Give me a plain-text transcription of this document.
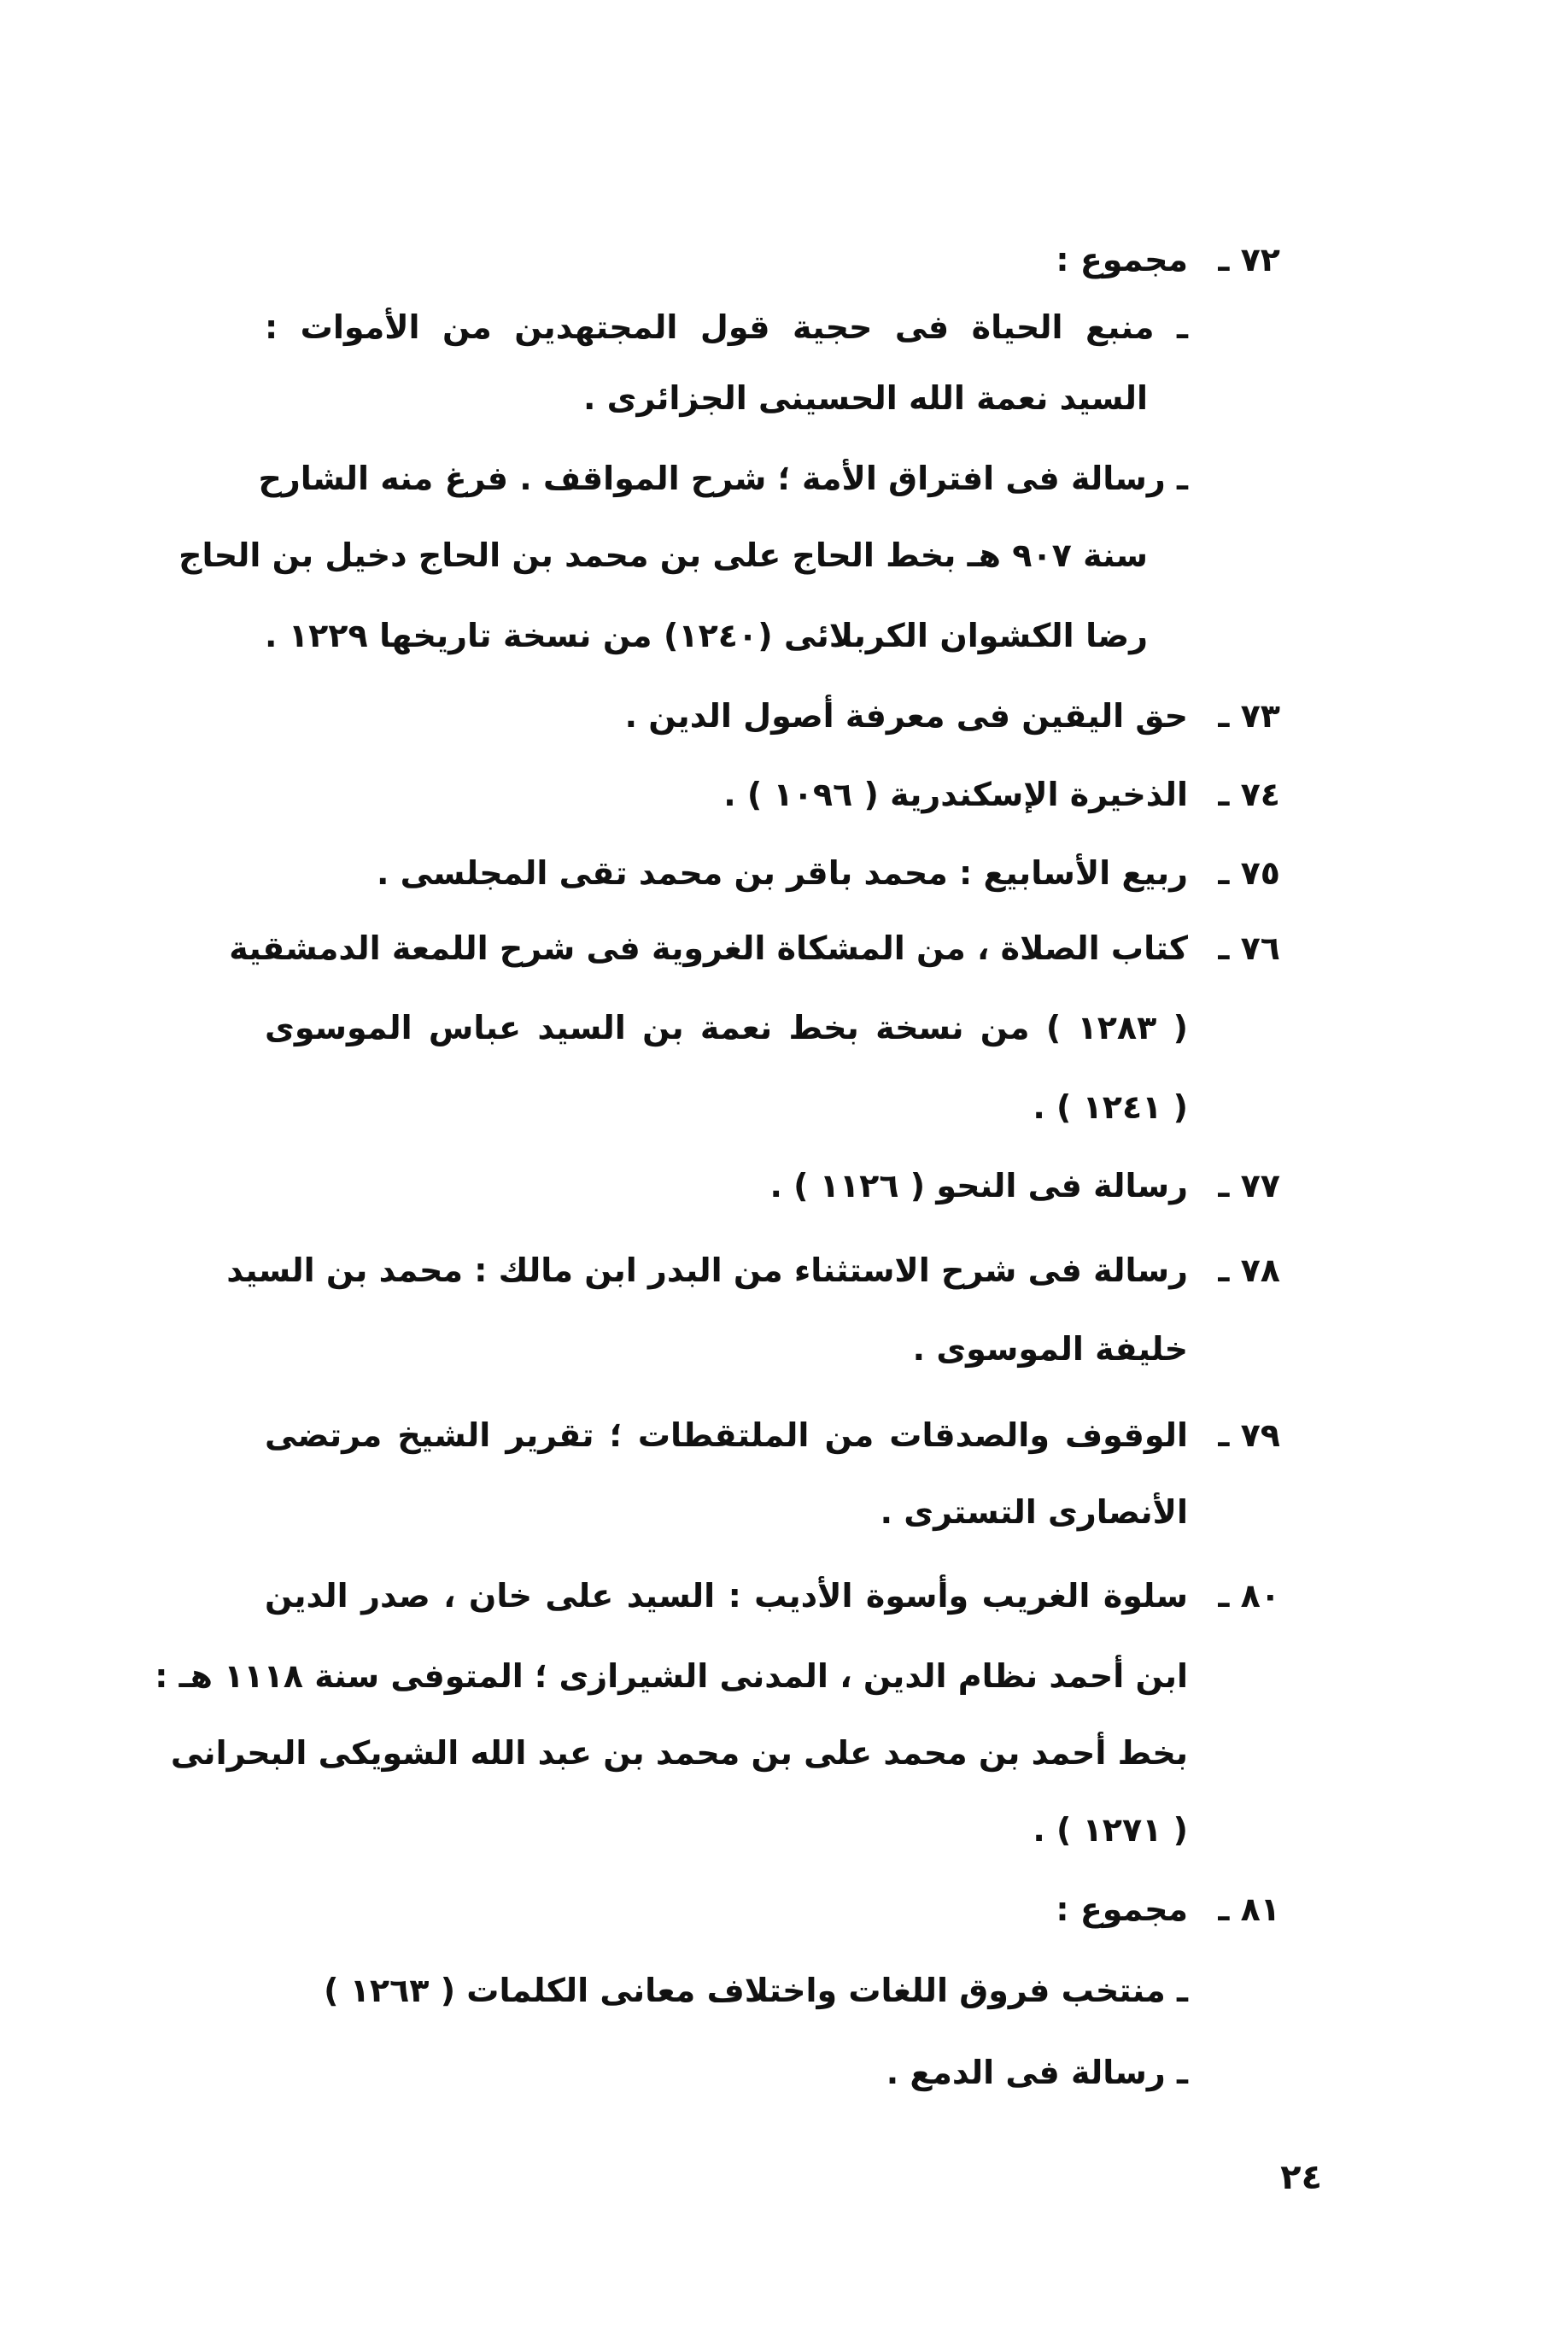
٧٢ ـ
مجموع :
ـ منبع الحياة فى حجية قول المجتهدين من الأموات :
السيد نعمة الله الحسينى الجزائرى .
ـ رسالة فى افتراق الأمة ؛ شرح المواقف . فرغ منه الشارح
سنة ٩٠٧ هـ بخط الحاج على بن محمد بن الحاج دخيل بن الحاج
رضا الكشوان الكربلائى (١٢٤٠) من نسخة تاريخها ١٢٢٩ .
٧٣ ـ
حق اليقين فى معرفة أصول الدين .
٧٤ ـ
الذخيرة الإسكندرية ( ١٠٩٦ ) .
٧٥ ـ
ربيع الأسابيع : محمد باقر بن محمد تقى المجلسى .
٧٦ ـ
كتاب الصلاة ، من المشكاة الغروية فى شرح اللمعة الدمشقية
( ١٢٨٣ ) من نسخة بخط نعمة بن السيد عباس الموسوى
( ١٢٤١ ) .
٧٧ ـ
رسالة فى النحو ( ١١٢٦ ) .
٧٨ ـ
رسالة فى شرح الاستثناء من البدر ابن مالك : محمد بن السيد
خليفة الموسوى .
٧٩ ـ
الوقوف والصدقات من الملتقطات ؛ تقرير الشيخ مرتضى
الأنصارى التسترى .
٨٠ ـ
سلوة الغريب وأسوة الأديب : السيد على خان ، صدر الدين
ابن أحمد نظام الدين ، المدنى الشيرازى ؛ المتوفى سنة ١١١٨ هـ :
بخط أحمد بن محمد على بن محمد بن عبد الله الشويكى البحرانى
( ١٢٧١ ) .
٨١ ـ
مجموع :
ـ منتخب فروق اللغات واختلاف معانى الكلمات ( ١٢٦٣ )
ـ رسالة فى الدمع .
٢٤
